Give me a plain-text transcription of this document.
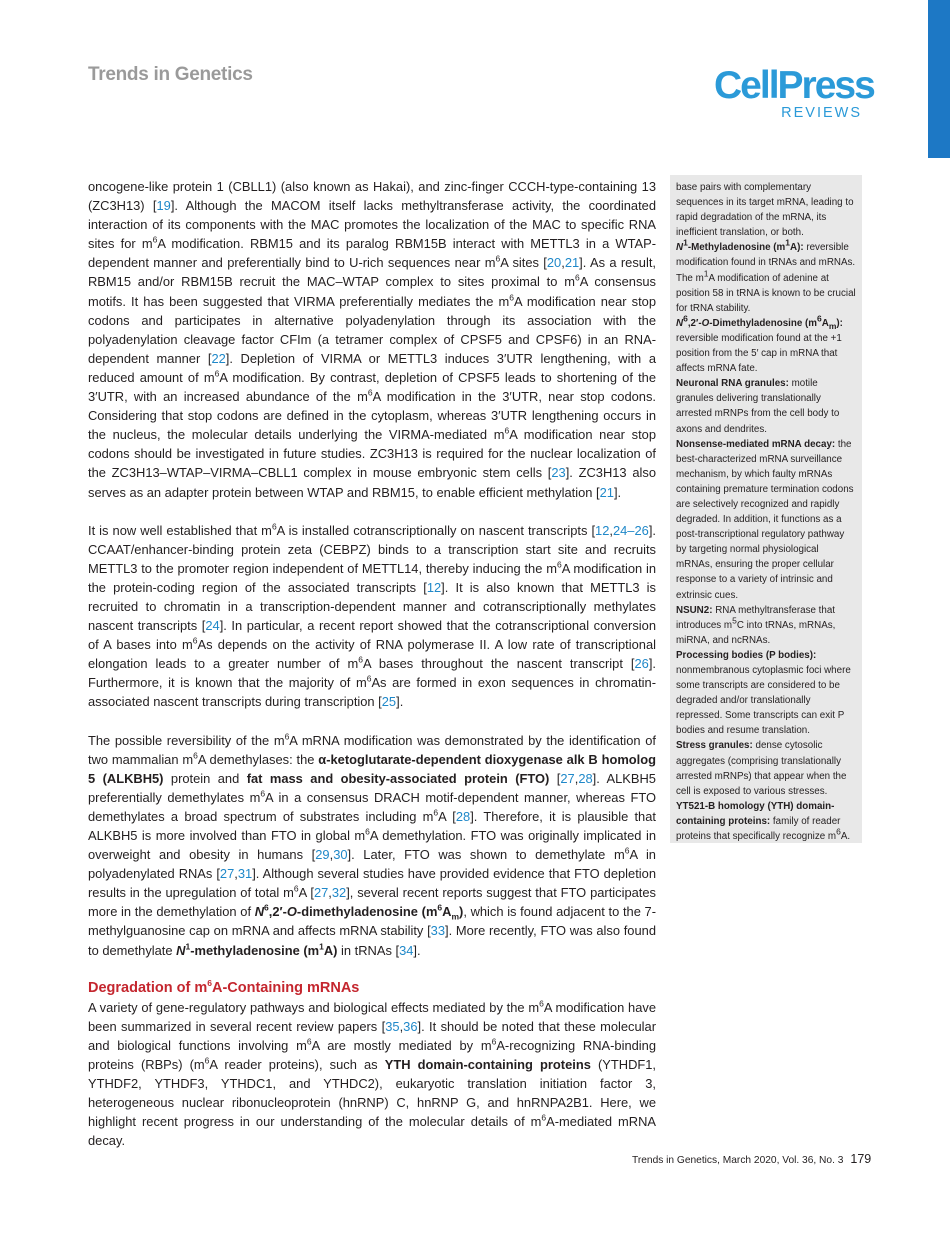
Trends in Genetics	CellPress
REVIEWS

oncogene-like protein 1 (CBLL1) (also known as Hakai), and zinc-finger CCCH-type-containing 13 (ZC3H13) [19]. Although the MACOM itself lacks methyltransferase activity, the coordinated interaction of its components with the MAC promotes the localization of the MAC to specific RNA sites for $m^6A$ modification. RBM15 and its paralog RBM15B interact with METTL3 in a WTAP-dependent manner and preferentially bind to U-rich sequences near $m^6A$ sites [20,21]. As a result, RBM15 and/or RBM15B recruit the MAC–WTAP complex to sites proximal to $m^6A$ consensus motifs. It has been suggested that VIRMA preferentially mediates the $m^6A$ modification near stop codons and participates in alternative polyadenylation through its association with the polyadenylation cleavage factor CFIm (a tetramer complex of CPSF5 and CPSF6) in an RNA-dependent manner [22]. Depletion of VIRMA or METTL3 induces 3′UTR lengthening, with a reduced amount of $m^6A$ modification. By contrast, depletion of CPSF5 leads to shortening of the 3′UTR, with an increased abundance of the $m^6A$ modification in the 3′UTR, near stop codons. Considering that stop codons are defined in the cytoplasm, whereas 3′UTR lengthening occurs in the nucleus, the molecular details underlying the VIRMA-mediated $m^6A$ modification near stop codons should be investigated in future studies. ZC3H13 is required for the nuclear localization of the ZC3H13–WTAP–VIRMA–CBLL1 complex in mouse embryonic stem cells [23]. ZC3H13 also serves as an adapter protein between WTAP and RBM15, to enable efficient methylation [21].

It is now well established that $m^6A$ is installed cotranscriptionally on nascent transcripts [12,24–26]. CCAAT/enhancer-binding protein zeta (CEBPZ) binds to a transcription start site and recruits METTL3 to the promoter region independent of METTL14, thereby inducing the $m^6A$ modification in the protein-coding region of the associated transcripts [12]. It is also known that METTL3 is recruited to chromatin in a transcription-dependent manner and cotranscriptionally methylates nascent transcripts [24]. In particular, a recent report showed that the cotranscriptional conversion of A bases into $m^6As$ depends on the activity of RNA polymerase II. A low rate of transcriptional elongation leads to a greater number of $m^6A$ bases throughout the nascent transcript [26]. Furthermore, it is known that the majority of $m^6As$ are formed in exon sequences in chromatin-associated nascent transcripts during transcription [25].

The possible reversibility of the $m^6A$ mRNA modification was demonstrated by the identification of two mammalian $m^6A$ demethylases: the α-ketoglutarate-dependent dioxygenase alk B homolog 5 (ALKBH5) protein and fat mass and obesity-associated protein (FTO) [27,28]. ALKBH5 preferentially demethylates $m^6A$ in a consensus DRACH motif-dependent manner, whereas FTO demethylates a broad spectrum of substrates including $m^6A$ [28]. Therefore, it is plausible that ALKBH5 is more involved than FTO in global $m^6A$ demethylation. FTO was originally implicated in overweight and obesity in humans [29,30]. Later, FTO was shown to demethylate $m^6A$ in polyadenylated RNAs [27,31]. Although several studies have provided evidence that FTO depletion results in the upregulation of total $m^6A$ [27,32], several recent reports suggest that FTO participates more in the demethylation of $N^6,2'-O$-dimethyladenosine $(m^6A_m)$, which is found adjacent to the 7-methylguanosine cap on mRNA and affects mRNA stability [33]. More recently, FTO was also found to demethylate $N^1$-methyladenosine $(m^1A)$ in tRNAs [34].

Degradation of $m^6A$-Containing mRNAs

A variety of gene-regulatory pathways and biological effects mediated by the $m^6A$ modification have been summarized in several recent review papers [35,36]. It should be noted that these molecular and biological functions involving $m^6A$ are mostly mediated by $m^6A$-recognizing RNA-binding proteins (RBPs) ($m^6A$ reader proteins), such as YTH domain-containing proteins (YTHDF1, YTHDF2, YTHDF3, YTHDC1, and YTHDC2), eukaryotic translation initiation factor 3, heterogeneous nuclear ribonucleoprotein (hnRNP) C, hnRNP G, and hnRNPA2B1. Here, we highlight recent progress in our understanding of the molecular details of $m^6A$-mediated mRNA decay.

base pairs with complementary sequences in its target mRNA, leading to rapid degradation of the mRNA, its inefficient translation, or both.

$N^1$-Methyladenosine $(m^1A)$: reversible modification found in tRNAs and mRNAs. The $m^1A$ modification of adenine at position 58 in tRNA is known to be crucial for tRNA stability.

$N^6,2'-O$-Dimethyladenosine $(m^6A_m)$: reversible modification found at the +1 position from the 5′ cap in mRNA that affects mRNA fate.

Neuronal RNA granules: motile granules delivering translationally arrested mRNPs from the cell body to axons and dendrites.

Nonsense-mediated mRNA decay: the best-characterized mRNA surveillance mechanism, by which faulty mRNAs containing premature termination codons are selectively recognized and rapidly degraded. In addition, it functions as a post-transcriptional regulatory pathway by targeting normal physiological mRNAs, ensuring the proper cellular response to a variety of intrinsic and extrinsic cues.

NSUN2: RNA methyltransferase that introduces $m^5C$ into tRNAs, mRNAs, miRNA, and ncRNAs.

Processing bodies (P bodies): nonmembranous cytoplasmic foci where some transcripts are considered to be degraded and/or translationally repressed. Some transcripts can exit P bodies and resume translation.

Stress granules: dense cytosolic aggregates (comprising translationally arrested mRNPs) that appear when the cell is exposed to various stresses.

YT521-B homology (YTH) domain-containing proteins: family of reader proteins that specifically recognize $m^6A$.

Trends in Genetics, March 2020, Vol. 36, No. 3 179
